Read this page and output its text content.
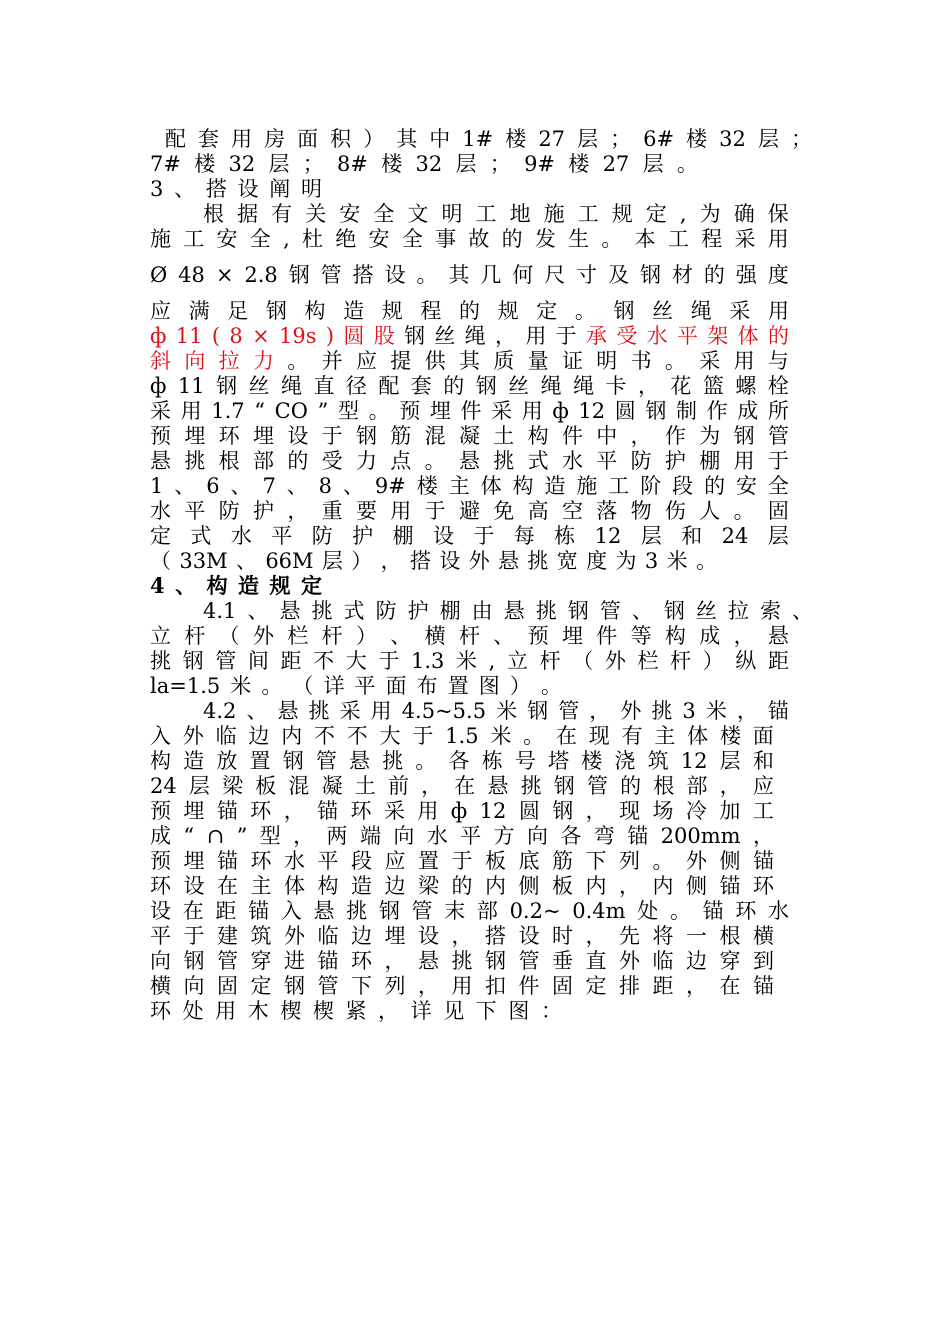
配 套 用 房 面 积 ） 其 中 1# 楼 27 层 ； 6# 楼 32 层 ；
7# 楼 32 层 ； 8# 楼 32 层 ； 9# 楼 27 层 。
3 、 搭 设 阐 明
根 据 有 关 安 全 文 明 工 地 施 工 规 定 , 为 确 保
施 工 安 全 , 杜 绝 安 全 事 故 的 发 生 。 本 工 程 采 用
Ø 48 × 2.8 钢 管 搭 设 。 其 几 何 尺 寸 及 钢 材 的 强 度
应 满 足 钢 构 造 规 程 的 规 定 。 钢 丝 绳 采 用
ф 11 ( 8 × 19s ) 圆 股 钢 丝 绳 ， 用 于 承 受 水 平 架 体 的
斜 向 拉 力 。 并 应 提 供 其 质 量 证 明 书 。 采 用 与
ф 11 钢 丝 绳 直 径 配 套 的 钢 丝 绳 绳 卡 ， 花 篮 螺 栓
采 用 1.7 “ CO ” 型 。 预 埋 件 采 用 ф 12 圆 钢 制 作 成 所
预 埋 环 埋 设 于 钢 筋 混 凝 土 构 件 中 ， 作 为 钢 管
悬 挑 根 部 的 受 力 点 。 悬 挑 式 水 平 防 护 棚 用 于
1 、 6 、 7 、 8 、 9# 楼 主 体 构 造 施 工 阶 段 的 安 全
水 平 防 护 ， 重 要 用 于 避 免 高 空 落 物 伤 人 。 固
定 式 水 平 防 护 棚 设 于 每 栋 12 层 和 24 层
（ 33M 、 66M 层 ） ， 搭 设 外 悬 挑 宽 度 为 3 米 。
4 、 构 造 规 定
4.1 、 悬 挑 式 防 护 棚 由 悬 挑 钢 管 、 钢 丝 拉 索 、
立 杆 （ 外 栏 杆 ） 、 横 杆 、 预 埋 件 等 构 成 ， 悬
挑 钢 管 间 距 不 大 于 1.3 米 , 立 杆 （ 外 栏 杆 ） 纵 距
la=1.5 米 。 （ 详 平 面 布 置 图 ） 。
4.2 、 悬 挑 采 用 4.5~5.5 米 钢 管 ， 外 挑 3 米 ， 锚
入 外 临 边 内 不 不 大 于 1.5 米 。 在 现 有 主 体 楼 面
构 造 放 置 钢 管 悬 挑 。 各 栋 号 塔 楼 浇 筑 12 层 和
24 层 梁 板 混 凝 土 前 ， 在 悬 挑 钢 管 的 根 部 ， 应
预 埋 锚 环 ， 锚 环 采 用 ф 12 圆 钢 ， 现 场 冷 加 工
成 “ ∩ ” 型 ， 两 端 向 水 平 方 向 各 弯 锚 200mm ，
预 埋 锚 环 水 平 段 应 置 于 板 底 筋 下 列 。 外 侧 锚
环 设 在 主 体 构 造 边 梁 的 内 侧 板 内 ， 内 侧 锚 环
设 在 距 锚 入 悬 挑 钢 管 末 部 0.2~ 0.4m 处 。 锚 环 水
平 于 建 筑 外 临 边 埋 设 ， 搭 设 时 ， 先 将 一 根 横
向 钢 管 穿 进 锚 环 ， 悬 挑 钢 管 垂 直 外 临 边 穿 到
横 向 固 定 钢 管 下 列 ， 用 扣 件 固 定 排 距 ， 在 锚
环 处 用 木 楔 楔 紧 ， 详 见 下 图 ：
